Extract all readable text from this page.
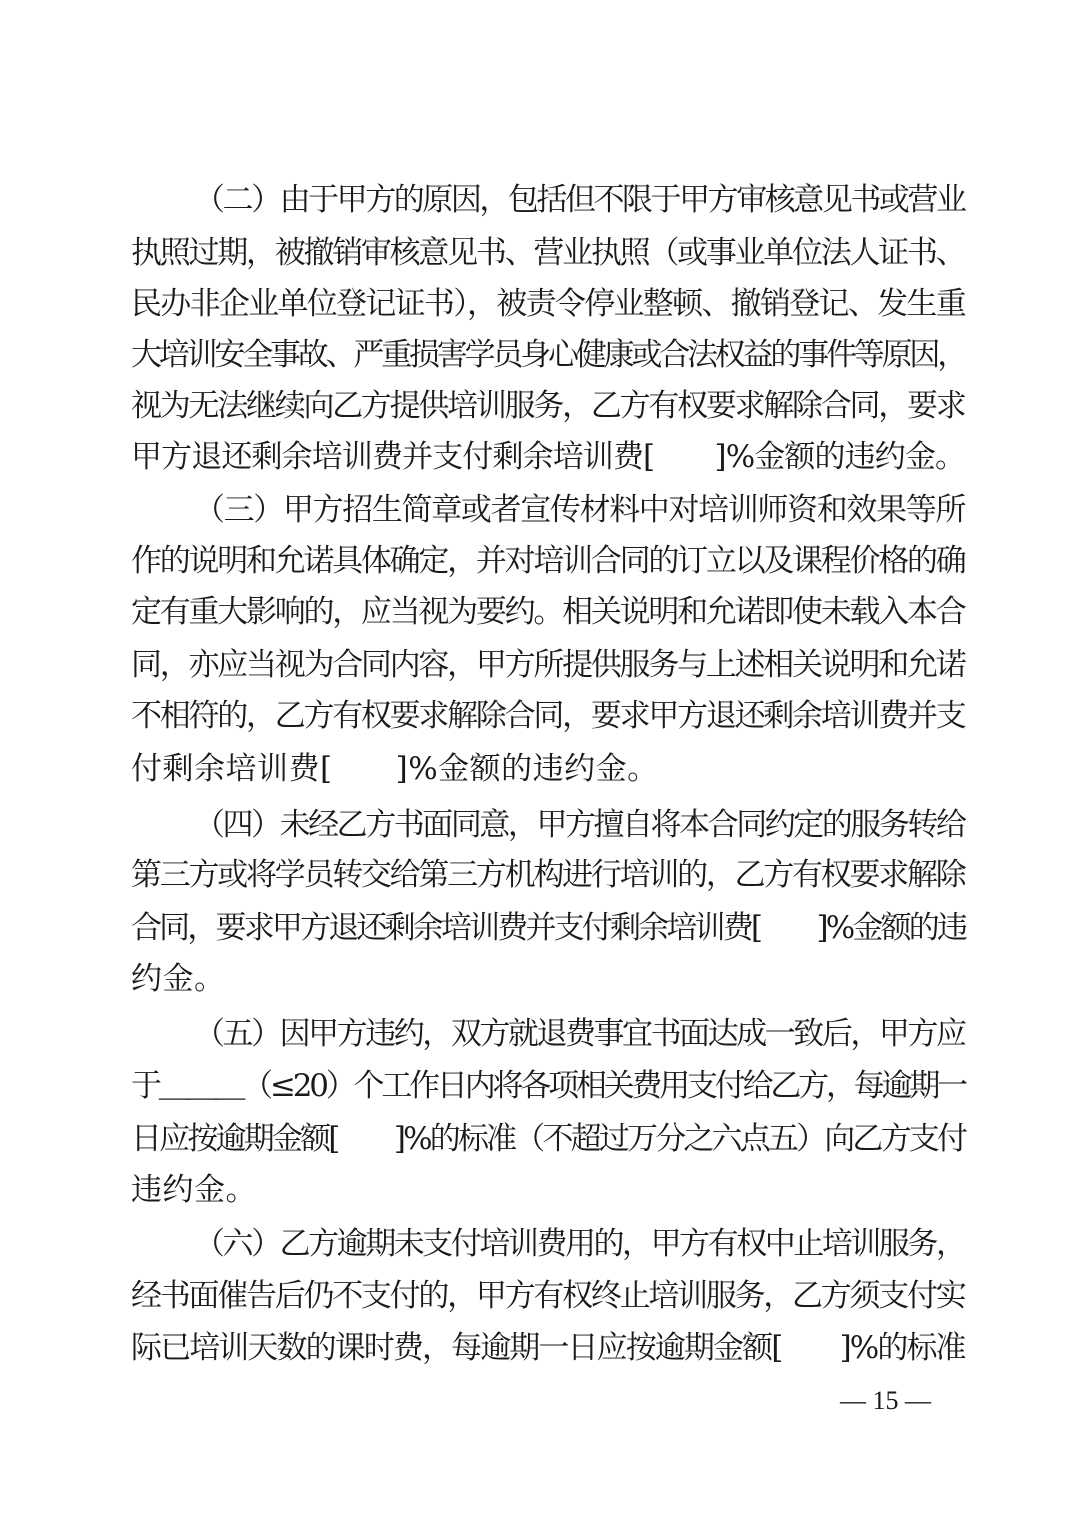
（二）由于甲方的原因，包括但不限于甲方审核意见书或营业
执照过期，被撤销审核意见书、营业执照（或事业单位法人证书、
民办非企业单位登记证书），被责令停业整顿、撤销登记、发生重
大培训安全事故、严重损害学员身心健康或合法权益的事件等原因，
视为无法继续向乙方提供培训服务，乙方有权要求解除合同，要求
甲方退还剩余培训费并支付剩余培训费[　　]%金额的违约金。
（三）甲方招生简章或者宣传材料中对培训师资和效果等所
作的说明和允诺具体确定，并对培训合同的订立以及课程价格的确
定有重大影响的，应当视为要约。相关说明和允诺即使未载入本合
同，亦应当视为合同内容，甲方所提供服务与上述相关说明和允诺
不相符的，乙方有权要求解除合同，要求甲方退还剩余培训费并支
付剩余培训费[　　]%金额的违约金。
（四）未经乙方书面同意，甲方擅自将本合同约定的服务转给
第三方或将学员转交给第三方机构进行培训的，乙方有权要求解除
合同，要求甲方退还剩余培训费并支付剩余培训费[　　]%金额的违
约金。
（五）因甲方违约，双方就退费事宜书面达成一致后，甲方应
于＿＿＿（≤20）个工作日内将各项相关费用支付给乙方，每逾期一
日应按逾期金额[　　]%的标准（不超过万分之六点五）向乙方支付
违约金。
（六）乙方逾期未支付培训费用的，甲方有权中止培训服务，
经书面催告后仍不支付的，甲方有权终止培训服务，乙方须支付实
际已培训天数的课时费，每逾期一日应按逾期金额[　　]%的标准
— 15 —
